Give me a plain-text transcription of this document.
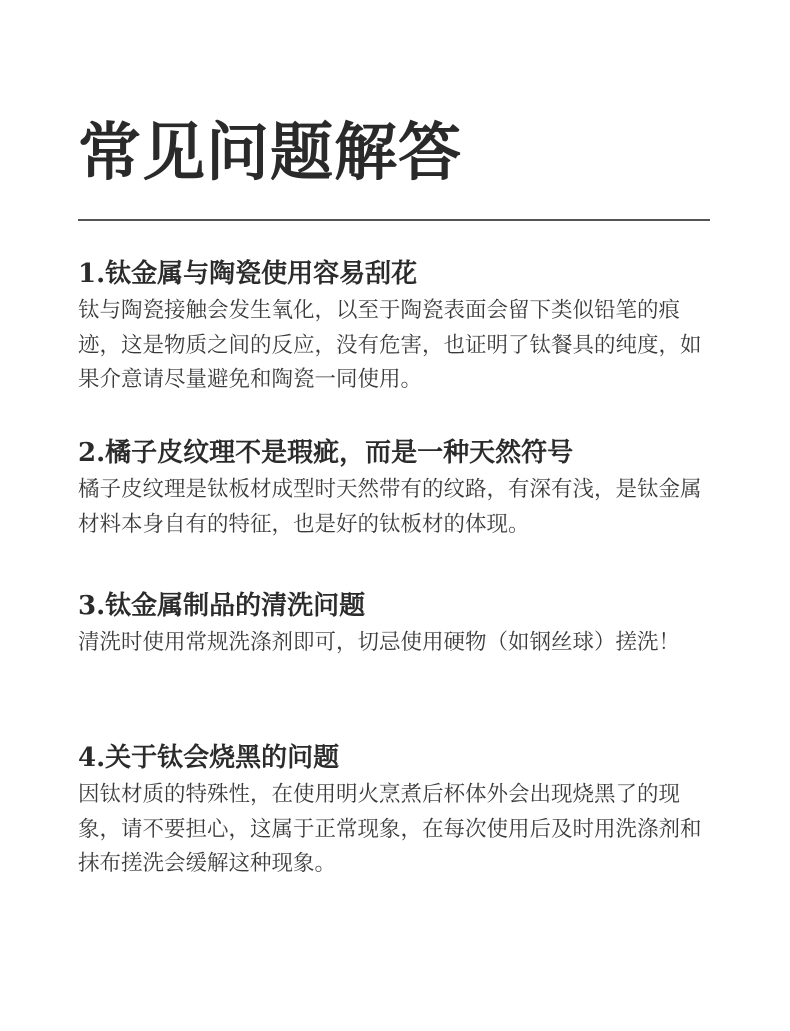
常见问题解答
1.钛金属与陶瓷使用容易刮花

钛与陶瓷接触会发生氧化，以至于陶瓷表面会留下类似铅笔的痕迹，这是物质之间的反应，没有危害，也证明了钛餐具的纯度，如果介意请尽量避免和陶瓷一同使用。

2.橘子皮纹理不是瑕疵，而是一种天然符号

橘子皮纹理是钛板材成型时天然带有的纹路，有深有浅，是钛金属材料本身自有的特征，也是好的钛板材的体现。

3.钛金属制品的清洗问题

清洗时使用常规洗涤剂即可，切忌使用硬物（如钢丝球）搓洗！

4.关于钛会烧黑的问题

因钛材质的特殊性，在使用明火烹煮后杯体外会出现烧黑了的现象，请不要担心，这属于正常现象，在每次使用后及时用洗涤剂和抹布搓洗会缓解这种现象。
